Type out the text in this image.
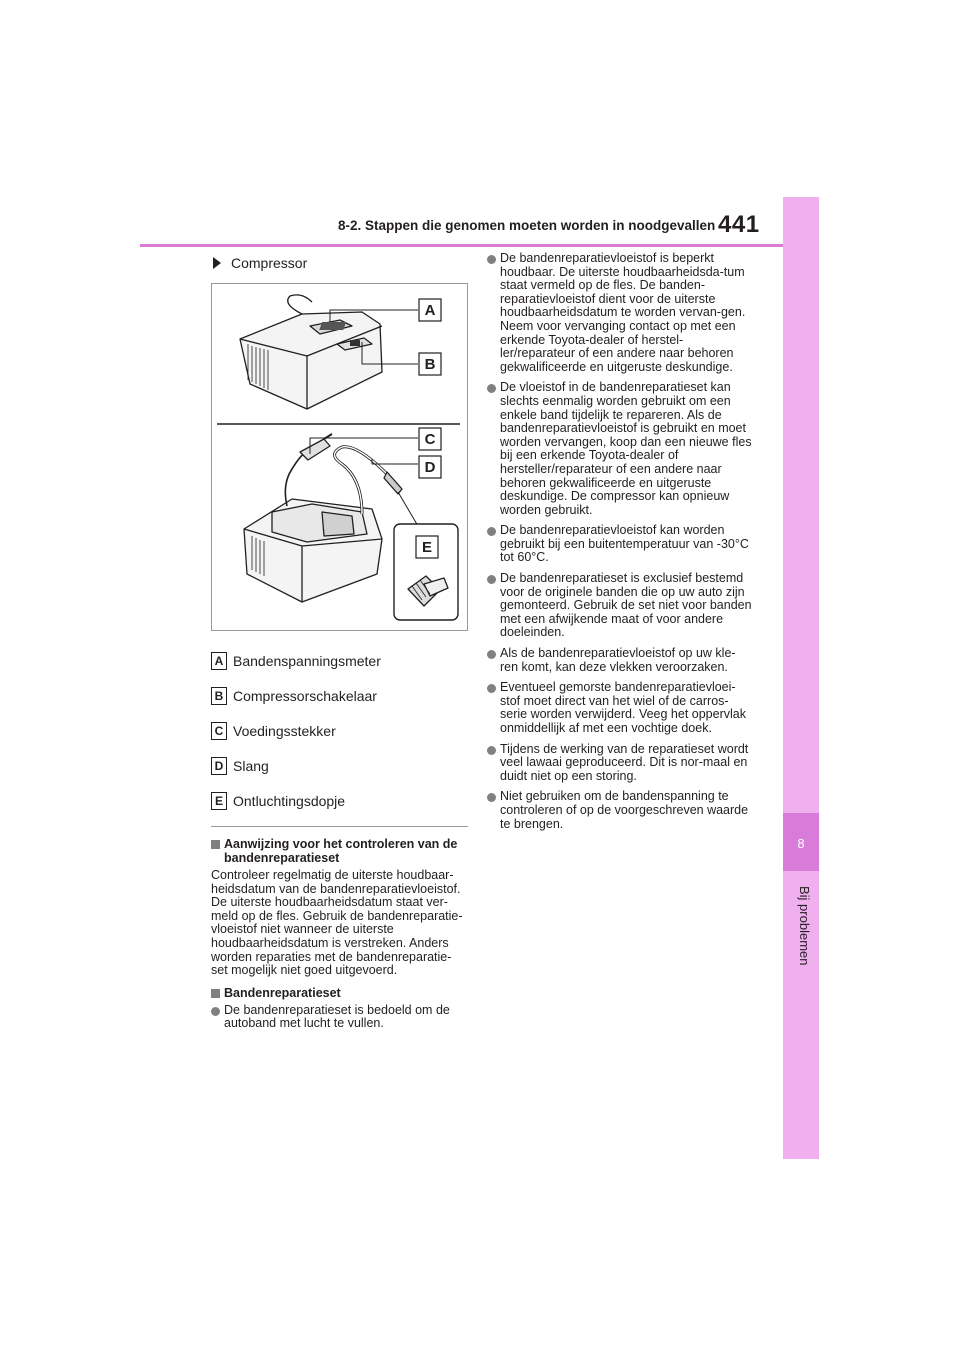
8
Bij problemen
8-2. Stappen die genomen moeten worden in noodgevallen 441
Compressor
A
B
C
D
E
A Bandenspanningsmeter
B Compressorschakelaar
C Voedingsstekker
D Slang
E Ontluchtingsdopje
Aanwijzing voor het controleren van de bandenreparatieset
Controleer regelmatig de uiterste houdbaar-heidsdatum van de bandenreparatievloeistof. De uiterste houdbaarheidsdatum staat ver-meld op de fles. Gebruik de bandenreparatie-vloeistof niet wanneer de uiterste houdbaarheidsdatum is verstreken. Anders worden reparaties met de bandenreparatie-set mogelijk niet goed uitgevoerd.
Bandenreparatieset
De bandenreparatieset is bedoeld om de autoband met lucht te vullen.
De bandenreparatievloeistof is beperkt houdbaar. De uiterste houdbaarheidsda-tum staat vermeld op de fles. De banden-reparatievloeistof dient voor de uiterste houdbaarheidsdatum te worden vervan-gen. Neem voor vervanging contact op met een erkende Toyota-dealer of herstel-ler/reparateur of een andere naar behoren gekwalificeerde en uitgeruste deskundige.
De vloeistof in de bandenreparatieset kan slechts eenmalig worden gebruikt om een enkele band tijdelijk te repareren. Als de bandenreparatievloeistof is gebruikt en moet worden vervangen, koop dan een nieuwe fles bij een erkende Toyota-dealer of hersteller/reparateur of een andere naar behoren gekwalificeerde en uitgeruste deskundige. De compressor kan opnieuw worden gebruikt.
De bandenreparatievloeistof kan worden gebruikt bij een buitentemperatuur van -30°C tot 60°C.
De bandenreparatieset is exclusief bestemd voor de originele banden die op uw auto zijn gemonteerd. Gebruik de set niet voor banden met een afwijkende maat of voor andere doeleinden.
Als de bandenreparatievloeistof op uw kle-ren komt, kan deze vlekken veroorzaken.
Eventueel gemorste bandenreparatievloei-stof moet direct van het wiel of de carros-serie worden verwijderd. Veeg het oppervlak onmiddellijk af met een vochtige doek.
Tijdens de werking van de reparatieset wordt veel lawaai geproduceerd. Dit is nor-maal en duidt niet op een storing.
Niet gebruiken om de bandenspanning te controleren of op de voorgeschreven waarde te brengen.
